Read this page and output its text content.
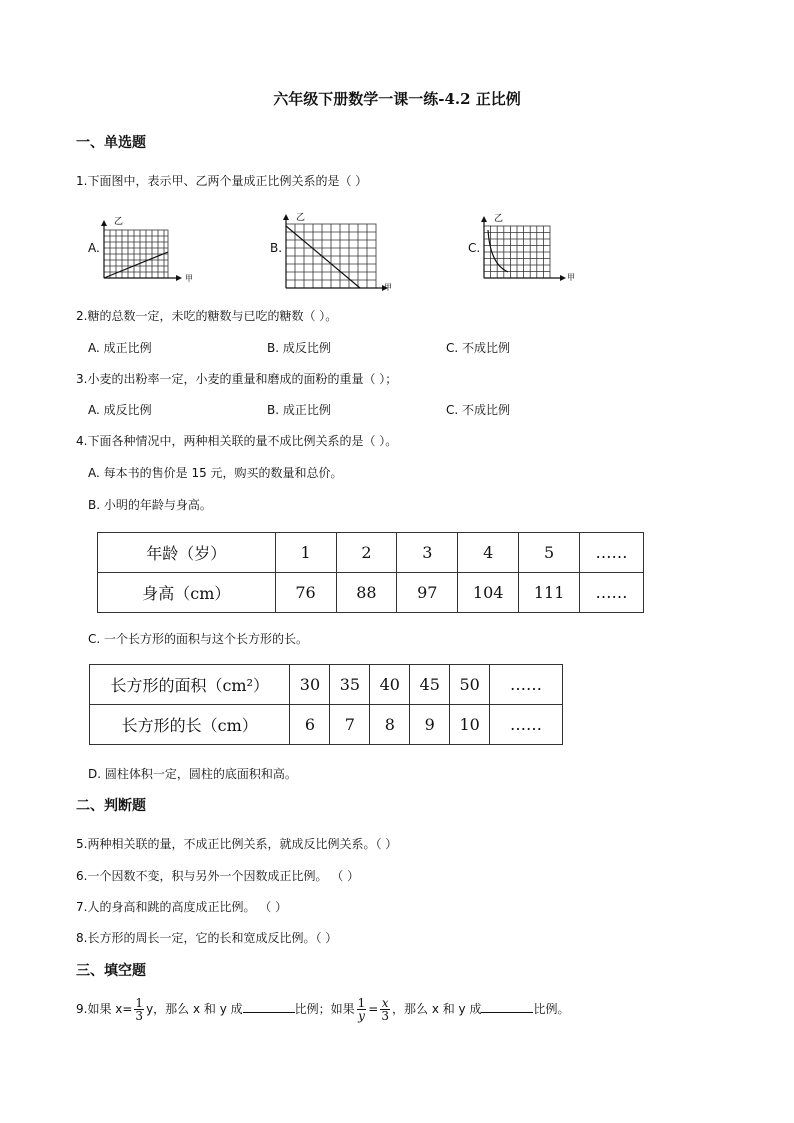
六年级下册数学一课一练-4.2 正比例
一、单选题
1.下面图中，表示甲、乙两个量成正比例关系的是（ ）
A.
乙
甲
B.
乙
甲
C.
乙
甲
2.糖的总数一定，未吃的糖数与已吃的糖数（ ）。
A. 成正比例	B. 成反比例	C. 不成比例
3.小麦的出粉率一定，小麦的重量和磨成的面粉的重量（ ）；
A. 成反比例	B. 成正比例	C. 不成比例
4.下面各种情况中，两种相关联的量不成比例关系的是（ ）。
A. 每本书的售价是 15 元，购买的数量和总价。
B. 小明的年龄与身高。
年龄（岁）	1	2	3	4	5	……
身高（cm）	76	88	97	104	111	……
C. 一个长方形的面积与这个长方形的长。
长方形的面积（cm²）	30	35	40	45	50	……
长方形的长（cm）	6	7	8	9	10	……
D. 圆柱体积一定，圆柱的底面积和高。
二、判断题
5.两种相关联的量，不成正比例关系，就成反比例关系。（ ）
6.一个因数不变，积与另外一个因数成正比例。 （ ）
7.人的身高和跳的高度成正比例。 （ ）
8.长方形的周长一定，它的长和宽成反比例。（ ）
三、填空题
9.如果 $x= \frac{1}{3}$ y，那么 x 和 y 成	比例；如果 $\frac{1}{y} = \frac{x}{3}$ ，那么 x 和 y 成	比例。
